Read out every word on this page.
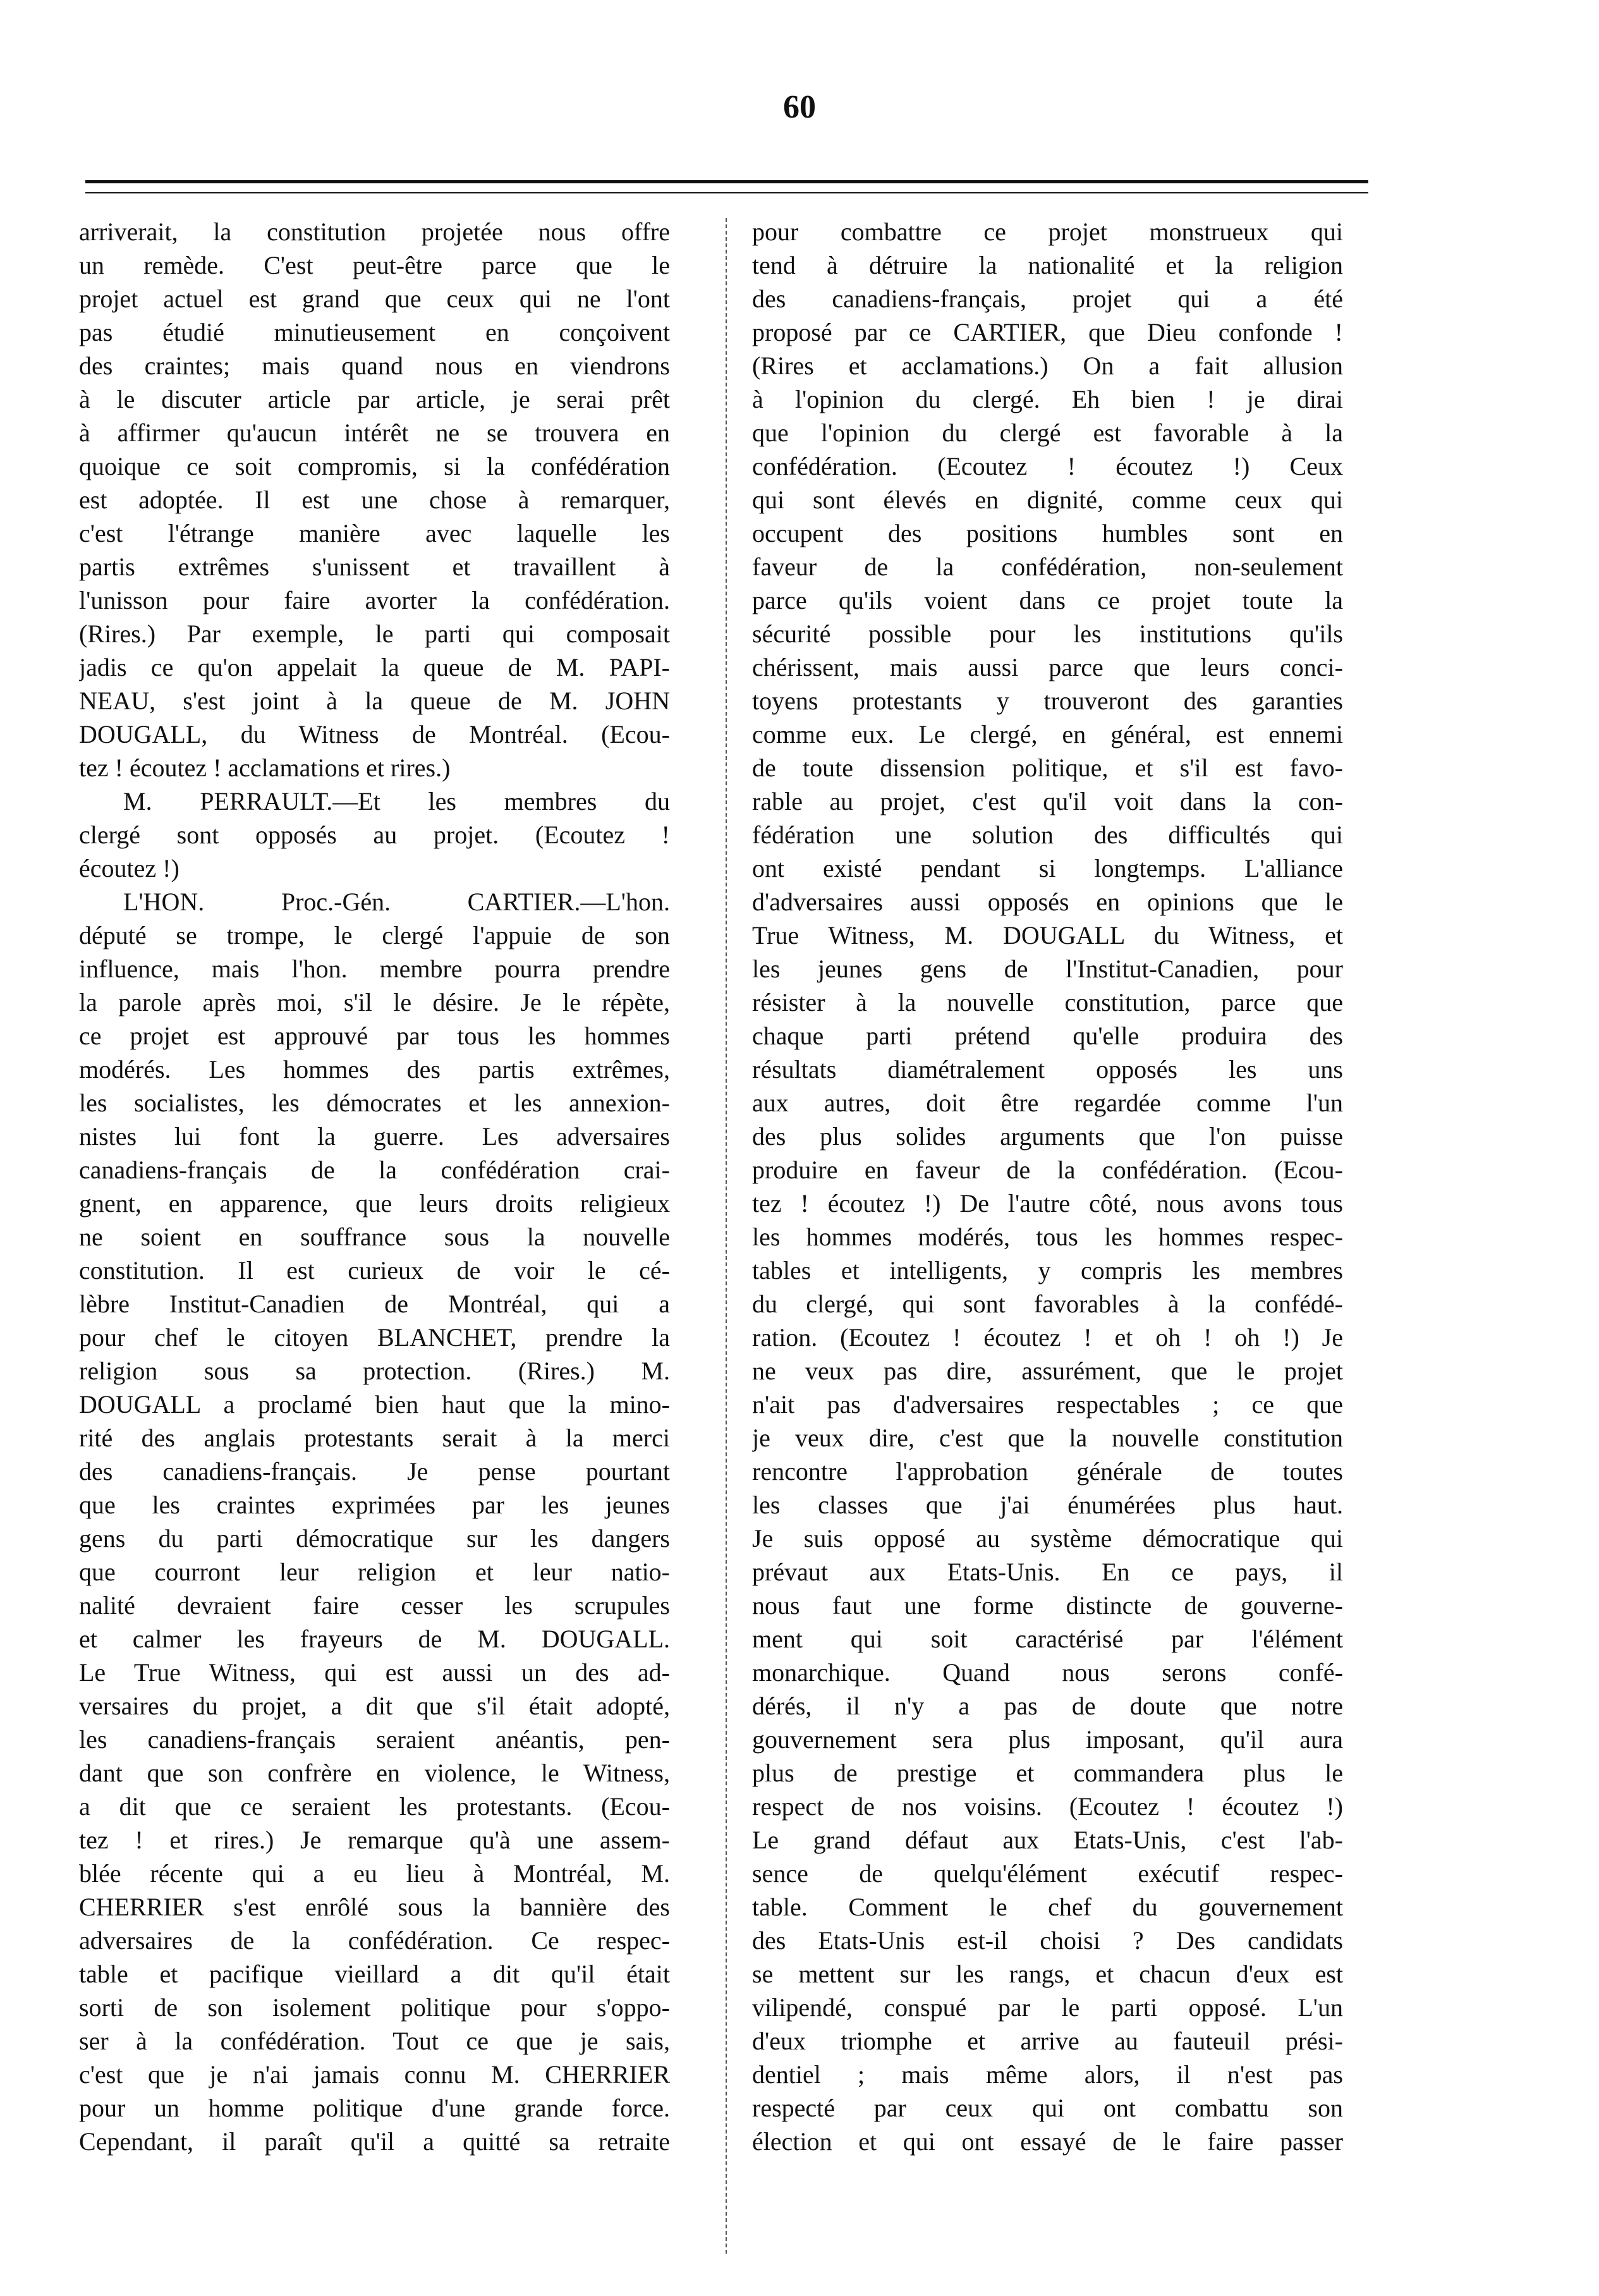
60
arriverait, la constitution projetée nous offre
un remède. C'est peut-être parce que le
projet actuel est grand que ceux qui ne l'ont
pas étudié minutieusement en conçoivent
des craintes; mais quand nous en viendrons
à le discuter article par article, je serai prêt
à affirmer qu'aucun intérêt ne se trouvera en
quoique ce soit compromis, si la confédération
est adoptée. Il est une chose à remarquer,
c'est l'étrange manière avec laquelle les
partis extrêmes s'unissent et travaillent à
l'unisson pour faire avorter la confédération.
(Rires.) Par exemple, le parti qui composait
jadis ce qu'on appelait la queue de M. PAPI-
NEAU, s'est joint à la queue de M. JOHN
DOUGALL, du Witness de Montréal. (Ecou-
tez ! écoutez ! acclamations et rires.)
M. PERRAULT.—Et les membres du
clergé sont opposés au projet. (Ecoutez !
écoutez !)
L'HON. Proc.-Gén. CARTIER.—L'hon.
député se trompe, le clergé l'appuie de son
influence, mais l'hon. membre pourra prendre
la parole après moi, s'il le désire. Je le répète,
ce projet est approuvé par tous les hommes
modérés. Les hommes des partis extrêmes,
les socialistes, les démocrates et les annexion-
nistes lui font la guerre. Les adversaires
canadiens-français de la confédération crai-
gnent, en apparence, que leurs droits religieux
ne soient en souffrance sous la nouvelle
constitution. Il est curieux de voir le cé-
lèbre Institut-Canadien de Montréal, qui a
pour chef le citoyen BLANCHET, prendre la
religion sous sa protection. (Rires.) M.
DOUGALL a proclamé bien haut que la mino-
rité des anglais protestants serait à la merci
des canadiens-français. Je pense pourtant
que les craintes exprimées par les jeunes
gens du parti démocratique sur les dangers
que courront leur religion et leur natio-
nalité devraient faire cesser les scrupules
et calmer les frayeurs de M. DOUGALL.
Le True Witness, qui est aussi un des ad-
versaires du projet, a dit que s'il était adopté,
les canadiens-français seraient anéantis, pen-
dant que son confrère en violence, le Witness,
a dit que ce seraient les protestants. (Ecou-
tez ! et rires.) Je remarque qu'à une assem-
blée récente qui a eu lieu à Montréal, M.
CHERRIER s'est enrôlé sous la bannière des
adversaires de la confédération. Ce respec-
table et pacifique vieillard a dit qu'il était
sorti de son isolement politique pour s'oppo-
ser à la confédération. Tout ce que je sais,
c'est que je n'ai jamais connu M. CHERRIER
pour un homme politique d'une grande force.
Cependant, il paraît qu'il a quitté sa retraite
pour combattre ce projet monstrueux qui
tend à détruire la nationalité et la religion
des canadiens-français, projet qui a été
proposé par ce CARTIER, que Dieu confonde !
(Rires et acclamations.) On a fait allusion
à l'opinion du clergé. Eh bien ! je dirai
que l'opinion du clergé est favorable à la
confédération. (Ecoutez ! écoutez !) Ceux
qui sont élevés en dignité, comme ceux qui
occupent des positions humbles sont en
faveur de la confédération, non-seulement
parce qu'ils voient dans ce projet toute la
sécurité possible pour les institutions qu'ils
chérissent, mais aussi parce que leurs conci-
toyens protestants y trouveront des garanties
comme eux. Le clergé, en général, est ennemi
de toute dissension politique, et s'il est favo-
rable au projet, c'est qu'il voit dans la con-
fédération une solution des difficultés qui
ont existé pendant si longtemps. L'alliance
d'adversaires aussi opposés en opinions que le
True Witness, M. DOUGALL du Witness, et
les jeunes gens de l'Institut-Canadien, pour
résister à la nouvelle constitution, parce que
chaque parti prétend qu'elle produira des
résultats diamétralement opposés les uns
aux autres, doit être regardée comme l'un
des plus solides arguments que l'on puisse
produire en faveur de la confédération. (Ecou-
tez ! écoutez !) De l'autre côté, nous avons tous
les hommes modérés, tous les hommes respec-
tables et intelligents, y compris les membres
du clergé, qui sont favorables à la confédé-
ration. (Ecoutez ! écoutez ! et oh ! oh !) Je
ne veux pas dire, assurément, que le projet
n'ait pas d'adversaires respectables ; ce que
je veux dire, c'est que la nouvelle constitution
rencontre l'approbation générale de toutes
les classes que j'ai énumérées plus haut.
Je suis opposé au système démocratique qui
prévaut aux Etats-Unis. En ce pays, il
nous faut une forme distincte de gouverne-
ment qui soit caractérisé par l'élément
monarchique. Quand nous serons confé-
dérés, il n'y a pas de doute que notre
gouvernement sera plus imposant, qu'il aura
plus de prestige et commandera plus le
respect de nos voisins. (Ecoutez ! écoutez !)
Le grand défaut aux Etats-Unis, c'est l'ab-
sence de quelqu'élément exécutif respec-
table. Comment le chef du gouvernement
des Etats-Unis est-il choisi ? Des candidats
se mettent sur les rangs, et chacun d'eux est
vilipendé, conspué par le parti opposé. L'un
d'eux triomphe et arrive au fauteuil prési-
dentiel ; mais même alors, il n'est pas
respecté par ceux qui ont combattu son
élection et qui ont essayé de le faire passer
